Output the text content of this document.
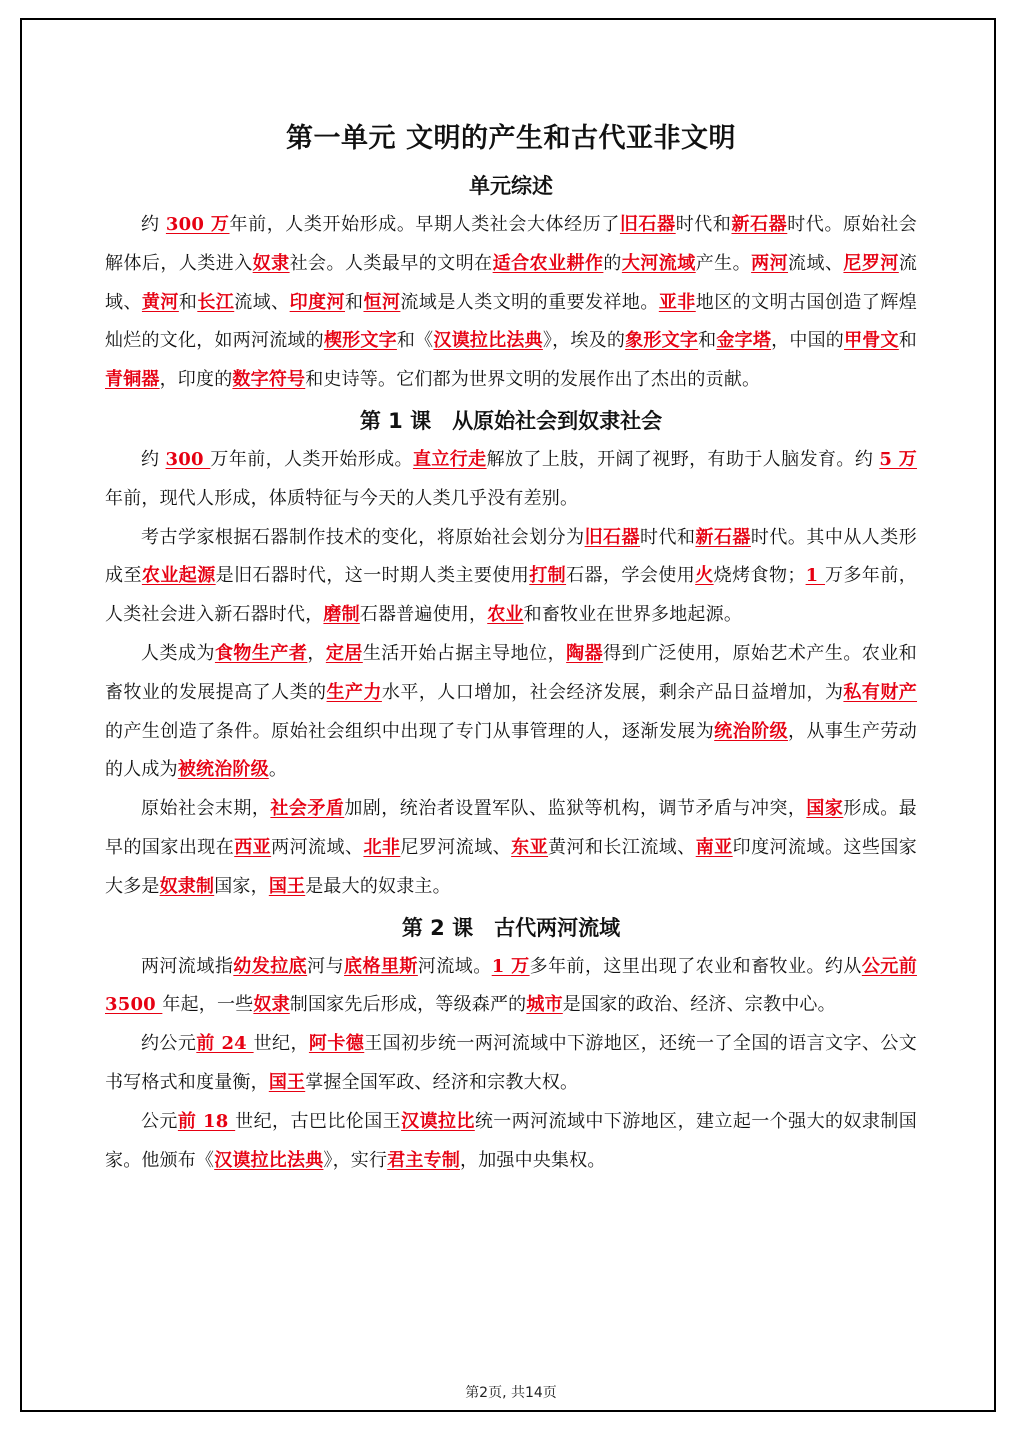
第一单元 文明的产生和古代亚非文明
单元综述

约 300 万年前，人类开始形成。早期人类社会大体经历了旧石器时代和新石器时代。原始社会解体后，人类进入奴隶社会。人类最早的文明在适合农业耕作的大河流域产生。两河流域、尼罗河流域、黄河和长江流域、印度河和恒河流域是人类文明的重要发祥地。亚非地区的文明古国创造了辉煌灿烂的文化，如两河流域的楔形文字和《汉谟拉比法典》，埃及的象形文字和金字塔，中国的甲骨文和青铜器，印度的数字符号和史诗等。它们都为世界文明的发展作出了杰出的贡献。

第 1 课　从原始社会到奴隶社会

约 300 万年前，人类开始形成。直立行走解放了上肢，开阔了视野，有助于人脑发育。约 5 万年前，现代人形成，体质特征与今天的人类几乎没有差别。

考古学家根据石器制作技术的变化，将原始社会划分为旧石器时代和新石器时代。其中从人类形成至农业起源是旧石器时代，这一时期人类主要使用打制石器，学会使用火烧烤食物；1 万多年前，人类社会进入新石器时代，磨制石器普遍使用，农业和畜牧业在世界多地起源。

人类成为食物生产者，定居生活开始占据主导地位，陶器得到广泛使用，原始艺术产生。农业和畜牧业的发展提高了人类的生产力水平，人口增加，社会经济发展，剩余产品日益增加，为私有财产的产生创造了条件。原始社会组织中出现了专门从事管理的人，逐渐发展为统治阶级，从事生产劳动的人成为被统治阶级。

原始社会末期，社会矛盾加剧，统治者设置军队、监狱等机构，调节矛盾与冲突，国家形成。最早的国家出现在西亚两河流域、北非尼罗河流域、东亚黄河和长江流域、南亚印度河流域。这些国家大多是奴隶制国家，国王是最大的奴隶主。

第 2 课　古代两河流域

两河流域指幼发拉底河与底格里斯河流域。1 万多年前，这里出现了农业和畜牧业。约从公元前 3500 年起，一些奴隶制国家先后形成，等级森严的城市是国家的政治、经济、宗教中心。

约公元前 24 世纪，阿卡德王国初步统一两河流域中下游地区，还统一了全国的语言文字、公文书写格式和度量衡，国王掌握全国军政、经济和宗教大权。

公元前 18 世纪，古巴比伦国王汉谟拉比统一两河流域中下游地区，建立起一个强大的奴隶制国家。他颁布《汉谟拉比法典》，实行君主专制，加强中央集权。

第2页, 共14页
